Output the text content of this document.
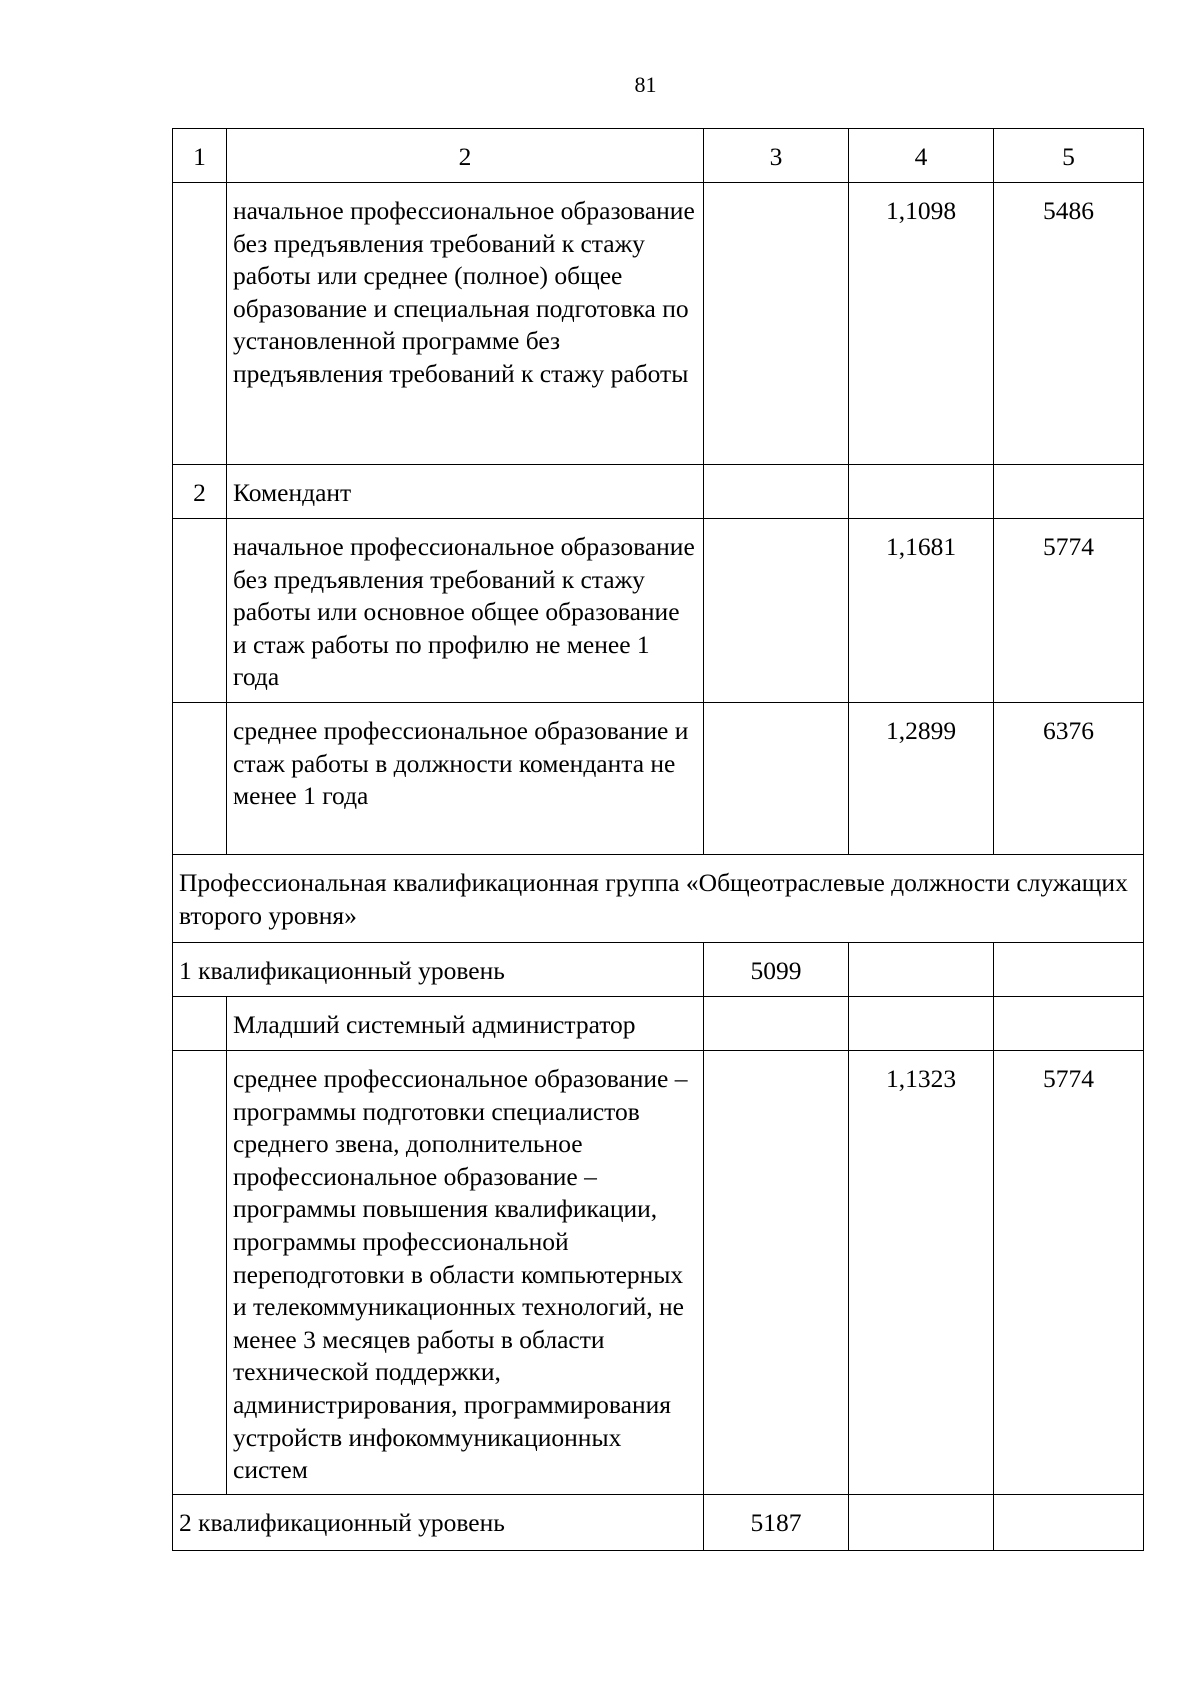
81
1	2	3	4	5
	начальное профессиональное образование без предъявления требований к стажу работы или среднее (полное) общее образование и специальная подготовка по установленной программе без предъявления требований к стажу работы		1,1098	5486
2	Комендант			
	начальное профессиональное образование без предъявления требований к стажу работы или основное общее образование и стаж работы по профилю не менее 1 года		1,1681	5774
	среднее профессиональное образование и стаж работы в должности коменданта не менее 1 года		1,2899	6376
Профессиональная квалификационная группа «Общеотраслевые должности служащих второго уровня»				
1 квалификационный уровень		5099		
	Младший системный администратор			
	среднее профессиональное образование – программы подготовки специалистов среднего звена, дополнительное профессиональное образование – программы повышения квалификации, программы профессиональной переподготовки в области компьютерных и телекоммуникационных технологий, не менее 3 месяцев работы в области технической поддержки, администрирования, программирования устройств инфокоммуникационных систем		1,1323	5774
2 квалификационный уровень		5187		
